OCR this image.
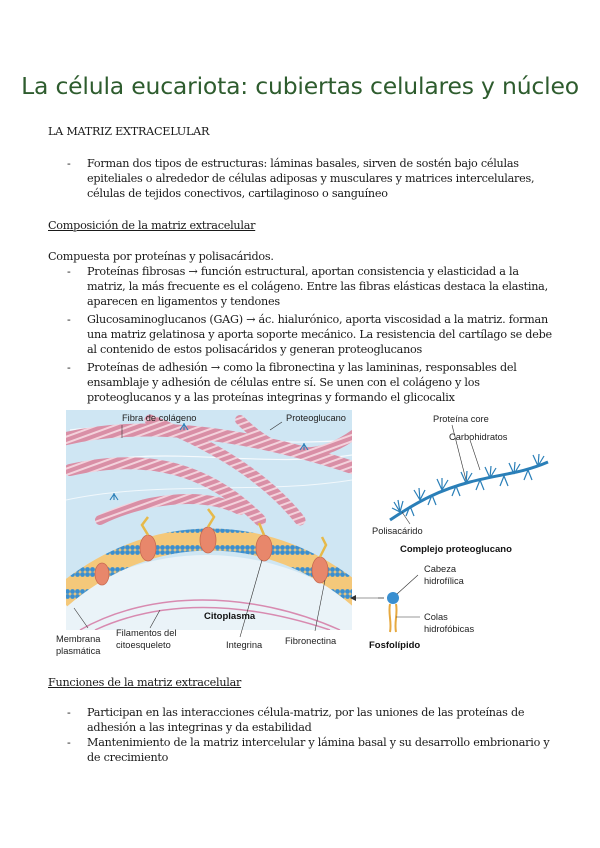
La célula eucariota: cubiertas celulares y núcleo
LA MATRIZ EXTRACELULAR
- Forman dos tipos de estructuras: láminas basales, sirven de sostén bajo células
epiteliales o alrededor de células adiposas y musculares y matrices intercelulares,
células de tejidos conectivos, cartilaginoso o sanguíneo
Composición de la matriz extracelular
Compuesta por proteínas y polisacáridos.
- Proteínas fibrosas → función estructural, aportan consistencia y elasticidad a la
matriz, la más frecuente es el colágeno. Entre las fibras elásticas destaca la elastina,
aparecen en ligamentos y tendones
- Glucosaminoglucanos (GAG) → ác. hialurónico, aporta viscosidad a la matriz. forman
una matriz gelatinosa y aporta soporte mecánico. La resistencia del cartílago se debe
al contenido de estos polisacáridos y generan proteoglucanos
- Proteínas de adhesión → como la fibronectina y las lamininas, responsables del
ensamblaje y adhesión de células entre sí. Se unen con el colágeno y los
proteoglucanos y a las proteínas integrinas y formando el glicocalix
Fibra de colágeno	Proteoglucano
Citoplasma
Membrana
plasmática
Filamentos del
citoesqueleto	Integrina Fibronectina
Proteína core
Carbohidratos
Polisacárido
Complejo proteoglucano
Cabeza
hidrofílica
Colas
hidrofóbicas
Fosfolípido
Funciones de la matriz extracelular
- Participan en las interacciones célula-matriz, por las uniones de las proteínas de
adhesión a las integrinas y da estabilidad
- Mantenimiento de la matriz intercelular y lámina basal y su desarrollo embrionario y
de crecimiento
